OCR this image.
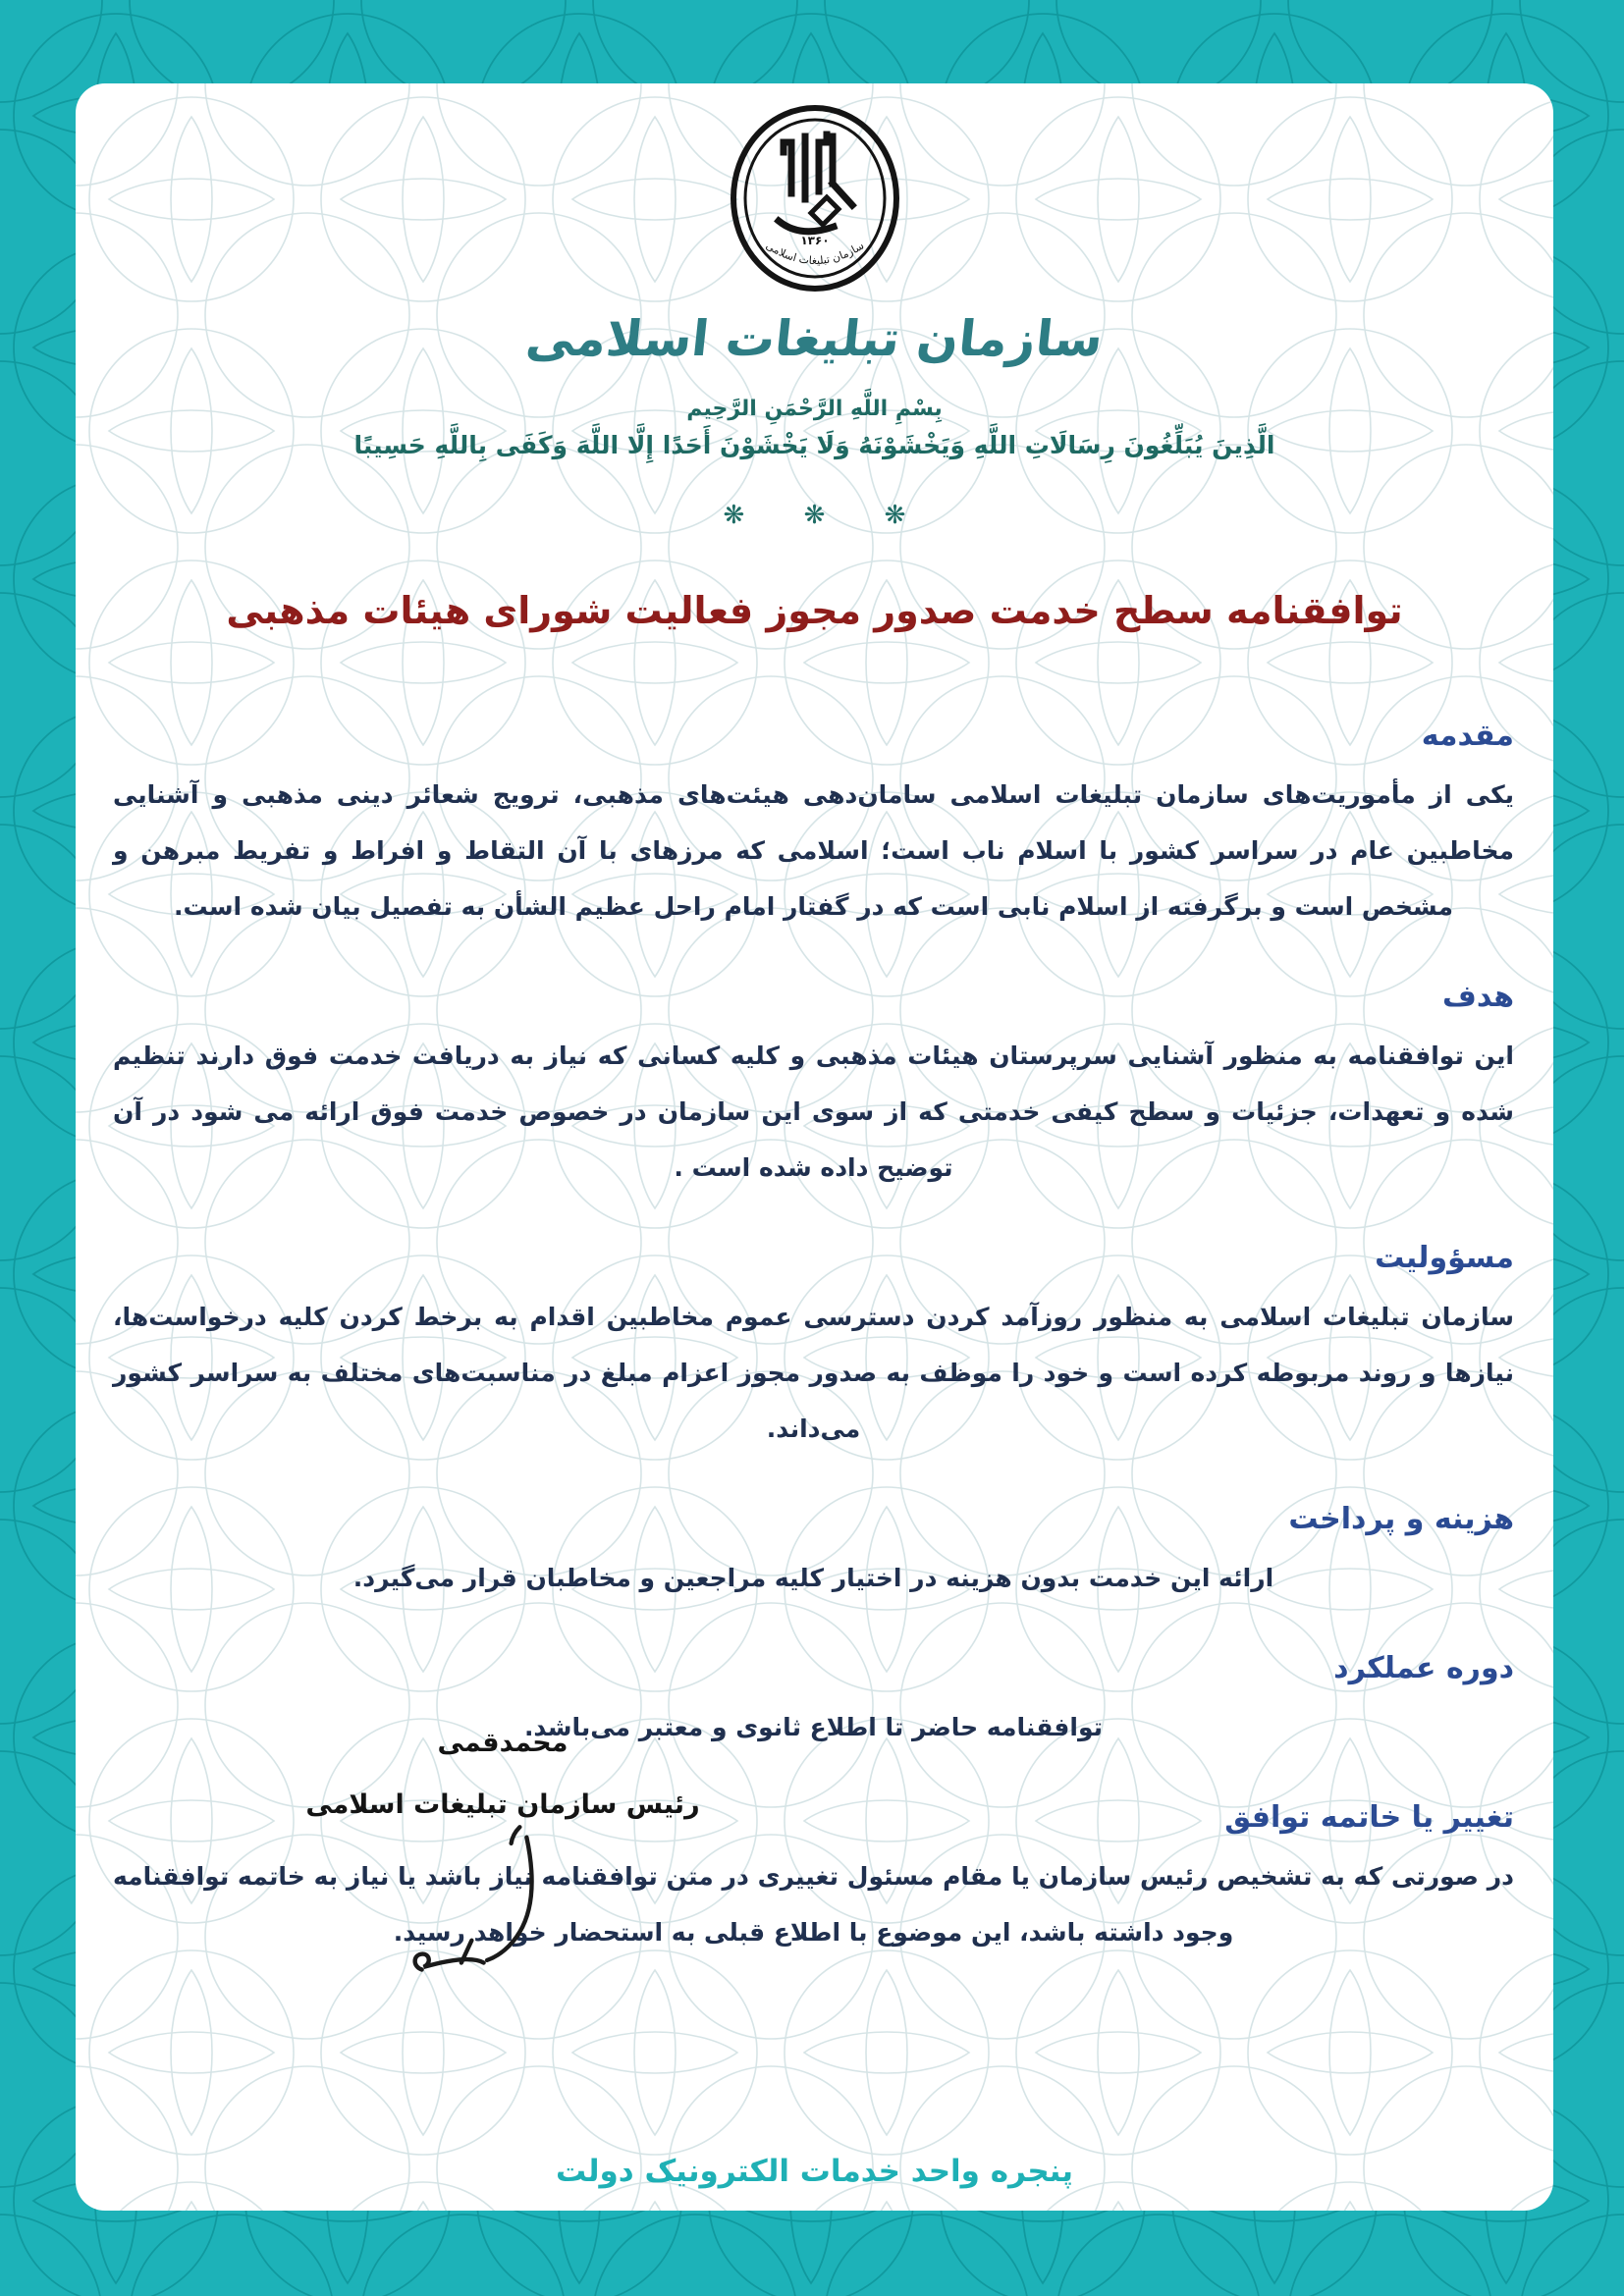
۱۳۶۰
سازمان تبلیغات اسلامی
سازمان تبلیغات اسلامی
بِسْمِ اللَّهِ الرَّحْمَنِ الرَّحِيم
الَّذِينَ يُبَلِّغُونَ رِسَالَاتِ اللَّهِ وَيَخْشَوْنَهُ وَلَا يَخْشَوْنَ أَحَدًا إِلَّا اللَّهَ وَكَفَى بِاللَّهِ حَسِيبًا
❋ ❋ ❋
توافقنامه سطح خدمت صدور مجوز فعالیت شورای هیئات مذهبی
مقدمه
یکی از مأموریت‌های سازمان تبلیغات اسلامی سامان‌دهی هیئت‌های مذهبی، ترویج شعائر دینی مذهبی و آشنایی مخاطبین عام در سراسر کشور با اسلام ناب است؛ اسلامی که مرزهای با آن التقاط و افراط و تفریط مبرهن و مشخص است و برگرفته از اسلام نابی است که در گفتار امام راحل عظیم الشأن به تفصیل بیان شده است.
هدف
این توافقنامه به منظور آشنایی سرپرستان هیئات مذهبی و کلیه کسانی که نیاز به دریافت خدمت فوق دارند تنظیم شده و تعهدات، جزئیات و سطح کیفی خدمتی که از سوی این سازمان در خصوص خدمت فوق ارائه می شود در آن توضیح داده شده است .
مسؤولیت
سازمان تبلیغات اسلامی به منظور روزآمد کردن دسترسی عموم مخاطبین اقدام به برخط کردن کلیه درخواست‌ها، نیازها و روند مربوطه کرده است و خود را موظف به صدور مجوز اعزام مبلغ در مناسبت‌های مختلف به سراسر کشور می‌داند.
هزینه و پرداخت
ارائه این خدمت بدون هزینه در اختیار کلیه مراجعین و مخاطبان قرار می‌گیرد.
دوره عملکرد
توافقنامه حاضر تا اطلاع ثانوی و معتبر می‌باشد.
تغییر یا خاتمه توافق
در صورتی که به تشخیص رئیس سازمان یا مقام مسئول تغییری در متن توافقنامه نیاز باشد یا نیاز به خاتمه توافقنامه وجود داشته باشد، این موضوع با اطلاع قبلی به استحضار خواهد رسید.
محمدقمی
رئیس سازمان تبلیغات اسلامی
پنجره واحد خدمات الکترونیک دولت
